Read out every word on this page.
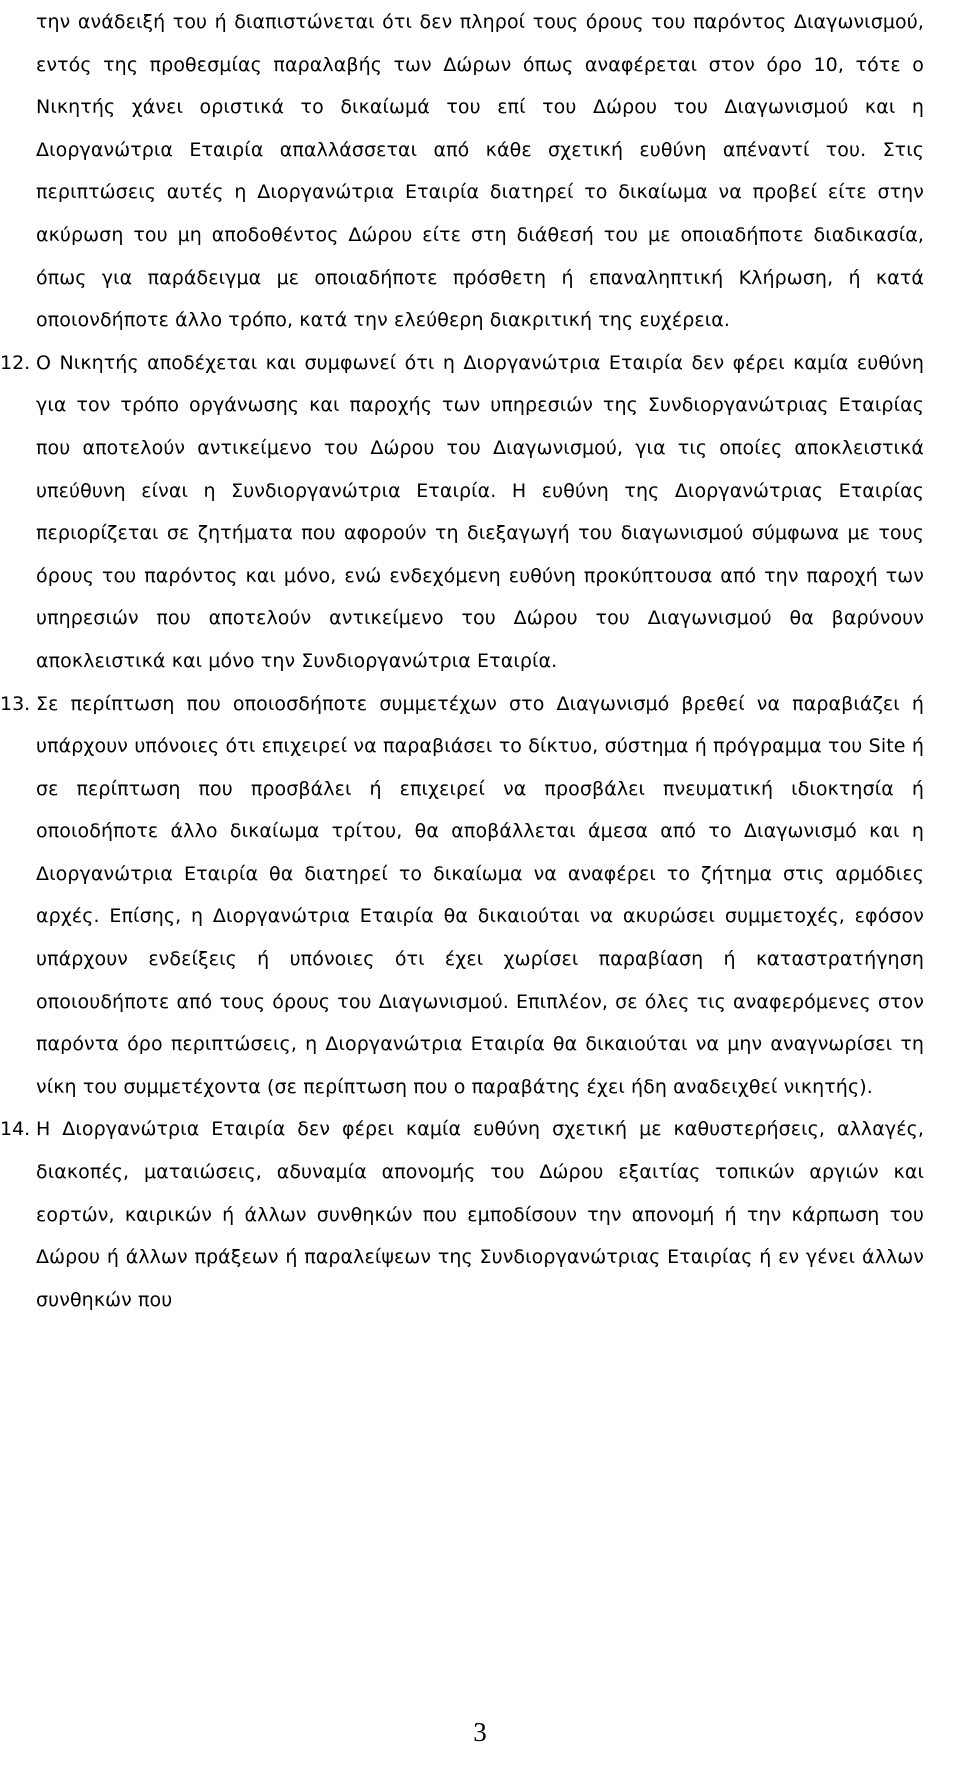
την ανάδειξή του ή διαπιστώνεται ότι δεν πληροί τους όρους του παρόντος Διαγωνισμού, εντός της προθεσμίας παραλαβής των Δώρων όπως αναφέρεται στον όρο 10, τότε ο Νικητής χάνει οριστικά το δικαίωμά του επί του Δώρου του Διαγωνισμού και η Διοργανώτρια Εταιρία απαλλάσσεται από κάθε σχετική ευθύνη απέναντί του. Στις περιπτώσεις αυτές η Διοργανώτρια Εταιρία διατηρεί το δικαίωμα να προβεί είτε στην ακύρωση του μη αποδοθέντος Δώρου είτε στη διάθεσή του με οποιαδήποτε διαδικασία, όπως για παράδειγμα με οποιαδήποτε πρόσθετη ή επαναληπτική Κλήρωση, ή κατά οποιονδήποτε άλλο τρόπο, κατά την ελεύθερη διακριτική της ευχέρεια.

12. Ο Νικητής αποδέχεται και συμφωνεί ότι η Διοργανώτρια Εταιρία δεν φέρει καμία ευθύνη για τον τρόπο οργάνωσης και παροχής των υπηρεσιών της Συνδιοργανώτριας Εταιρίας που αποτελούν αντικείμενο του Δώρου του Διαγωνισμού, για τις οποίες αποκλειστικά υπεύθυνη είναι η Συνδιοργανώτρια Εταιρία. Η ευθύνη της Διοργανώτριας Εταιρίας περιορίζεται σε ζητήματα που αφορούν τη διεξαγωγή του διαγωνισμού σύμφωνα με τους όρους του παρόντος και μόνο, ενώ ενδεχόμενη ευθύνη προκύπτουσα από την παροχή των υπηρεσιών που αποτελούν αντικείμενο του Δώρου του Διαγωνισμού θα βαρύνουν αποκλειστικά και μόνο την Συνδιοργανώτρια Εταιρία.

13. Σε περίπτωση που οποιοσδήποτε συμμετέχων στο Διαγωνισμό βρεθεί να παραβιάζει ή υπάρχουν υπόνοιες ότι επιχειρεί να παραβιάσει το δίκτυο, σύστημα ή πρόγραμμα του Site ή σε περίπτωση που προσβάλει ή επιχειρεί να προσβάλει πνευματική ιδιοκτησία ή οποιοδήποτε άλλο δικαίωμα τρίτου, θα αποβάλλεται άμεσα από το Διαγωνισμό και η Διοργανώτρια Εταιρία θα διατηρεί το δικαίωμα να αναφέρει το ζήτημα στις αρμόδιες αρχές. Επίσης, η Διοργανώτρια Εταιρία θα δικαιούται να ακυρώσει συμμετοχές, εφόσον υπάρχουν ενδείξεις ή υπόνοιες ότι έχει χωρίσει παραβίαση ή καταστρατήγηση οποιουδήποτε από τους όρους του Διαγωνισμού. Επιπλέον, σε όλες τις αναφερόμενες στον παρόντα όρο περιπτώσεις, η Διοργανώτρια Εταιρία θα δικαιούται να μην αναγνωρίσει τη νίκη του συμμετέχοντα (σε περίπτωση που ο παραβάτης έχει ήδη αναδειχθεί νικητής).

14. Η Διοργανώτρια Εταιρία δεν φέρει καμία ευθύνη σχετική με καθυστερήσεις, αλλαγές, διακοπές, ματαιώσεις, αδυναμία απονομής του Δώρου εξαιτίας τοπικών αργιών και εορτών, καιρικών ή άλλων συνθηκών που εμποδίσουν την απονομή ή την κάρπωση του Δώρου ή άλλων πράξεων ή παραλείψεων της Συνδιοργανώτριας Εταιρίας ή εν γένει άλλων συνθηκών που

3
